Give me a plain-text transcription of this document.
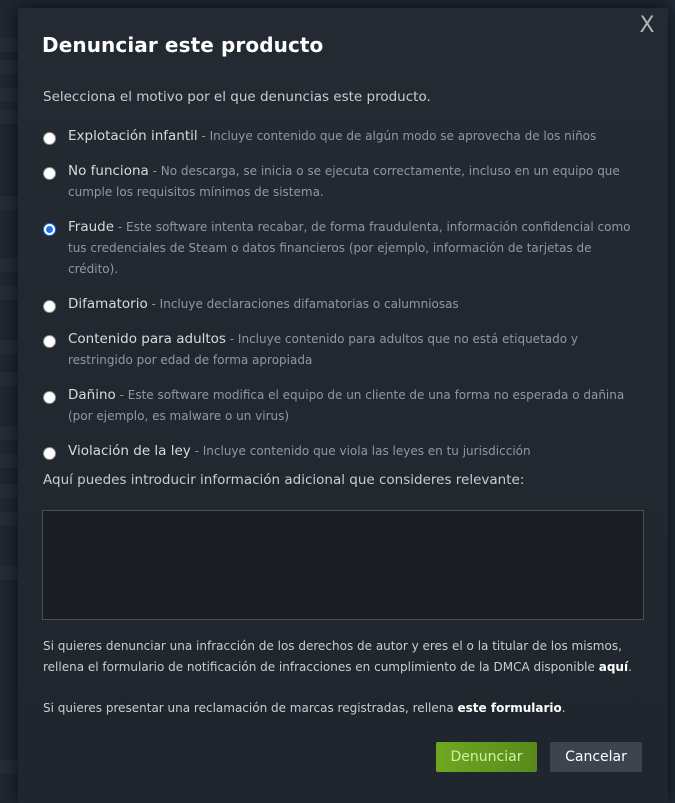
X
Denunciar este producto
Selecciona el motivo por el que denuncias este producto.
Explotación infantil - Incluye contenido que de algún modo se aprovecha de los niños
No funciona - No descarga, se inicia o se ejecuta correctamente, incluso en un equipo que cumple los requisitos mínimos de sistema.
Fraude - Este software intenta recabar, de forma fraudulenta, información confidencial como tus credenciales de Steam o datos financieros (por ejemplo, información de tarjetas de crédito).
Difamatorio - Incluye declaraciones difamatorias o calumniosas
Contenido para adultos - Incluye contenido para adultos que no está etiquetado y restringido por edad de forma apropiada
Dañino - Este software modifica el equipo de un cliente de una forma no esperada o dañina (por ejemplo, es malware o un virus)
Violación de la ley - Incluye contenido que viola las leyes en tu jurisdicción
Aquí puedes introducir información adicional que consideres relevante:
Si quieres denunciar una infracción de los derechos de autor y eres el o la titular de los mismos, rellena el formulario de notificación de infracciones en cumplimiento de la DMCA disponible aquí.
Si quieres presentar una reclamación de marcas registradas, rellena este formulario.
Denunciar	Cancelar
